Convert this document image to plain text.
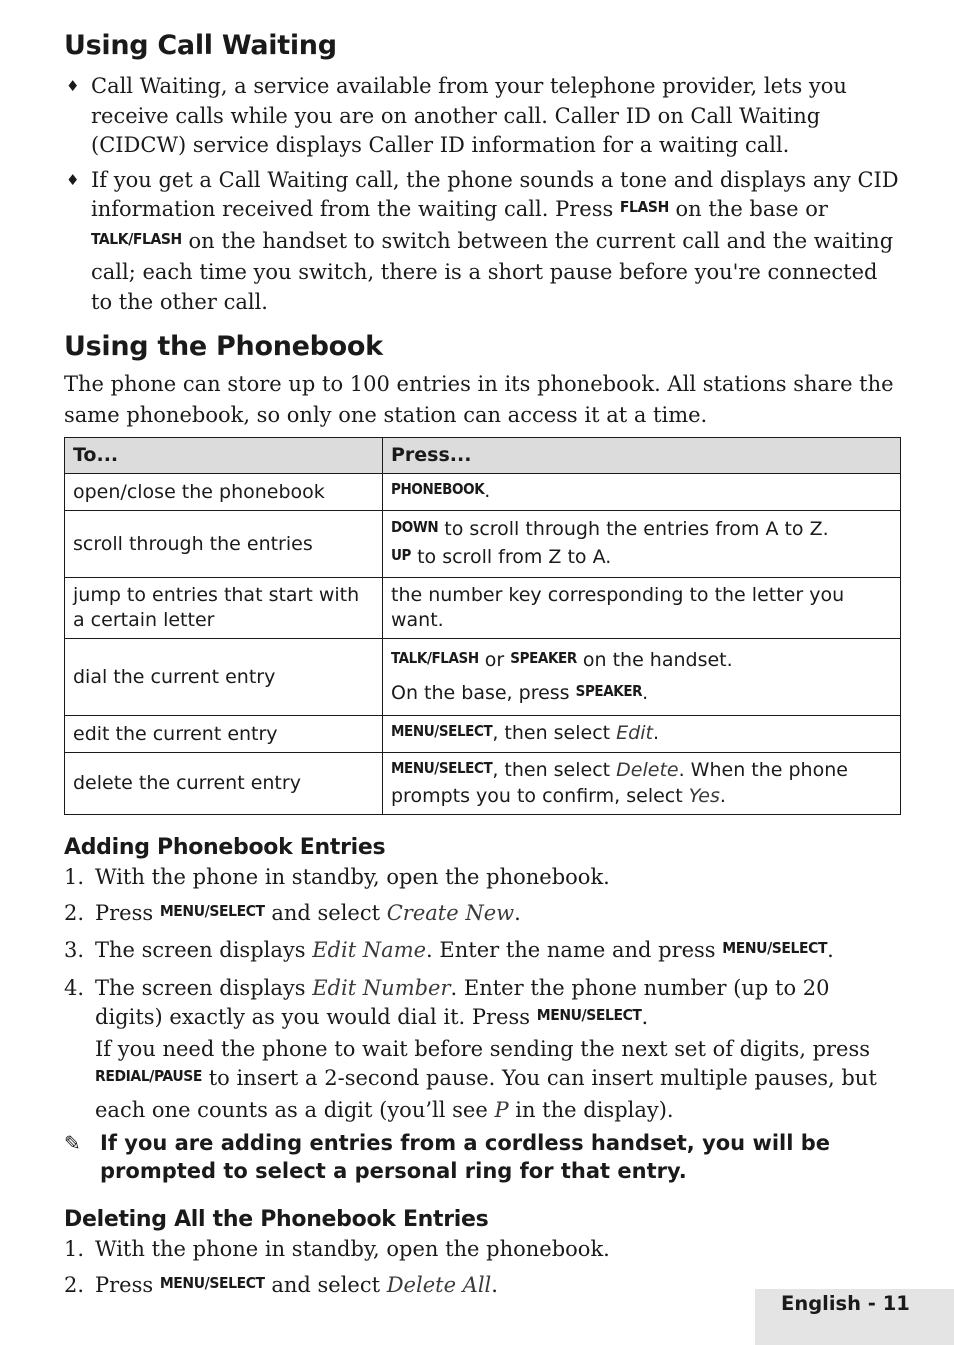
Using Call Waiting
♦ Call Waiting, a service available from your telephone provider, lets you receive calls while you are on another call. Caller ID on Call Waiting (CIDCW) service displays Caller ID information for a waiting call.
♦ If you get a Call Waiting call, the phone sounds a tone and displays any CID information received from the waiting call. Press FLASH on the base or TALK/FLASH on the handset to switch between the current call and the waiting call; each time you switch, there is a short pause before you're connected to the other call.
Using the Phonebook

The phone can store up to 100 entries in its phonebook. All stations share the same phonebook, so only one station can access it at a time.

To...	Press...
open/close the phonebook	PHONEBOOK.
scroll through the entries	DOWN to scroll through the entries from A to Z.
UP to scroll from Z to A.
jump to entries that start with a certain letter	the number key corresponding to the letter you want.
dial the current entry	TALK/FLASH or SPEAKER on the handset.
On the base, press SPEAKER.
edit the current entry	MENU/SELECT, then select Edit.
delete the current entry	MENU/SELECT, then select Delete. When the phone prompts you to confirm, select Yes.
Adding Phonebook Entries
1. With the phone in standby, open the phonebook.
2. Press MENU/SELECT and select Create New.
3. The screen displays Edit Name. Enter the name and press MENU/SELECT.
4. The screen displays Edit Number. Enter the phone number (up to 20 digits) exactly as you would dial it. Press MENU/SELECT.
If you need the phone to wait before sending the next set of digits, press REDIAL/PAUSE to insert a 2-second pause. You can insert multiple pauses, but each one counts as a digit (you’ll see P in the display).
✎ If you are adding entries from a cordless handset, you will be prompted to select a personal ring for that entry.
Deleting All the Phonebook Entries
1. With the phone in standby, open the phonebook.
2. Press MENU/SELECT and select Delete All.
English - 11
